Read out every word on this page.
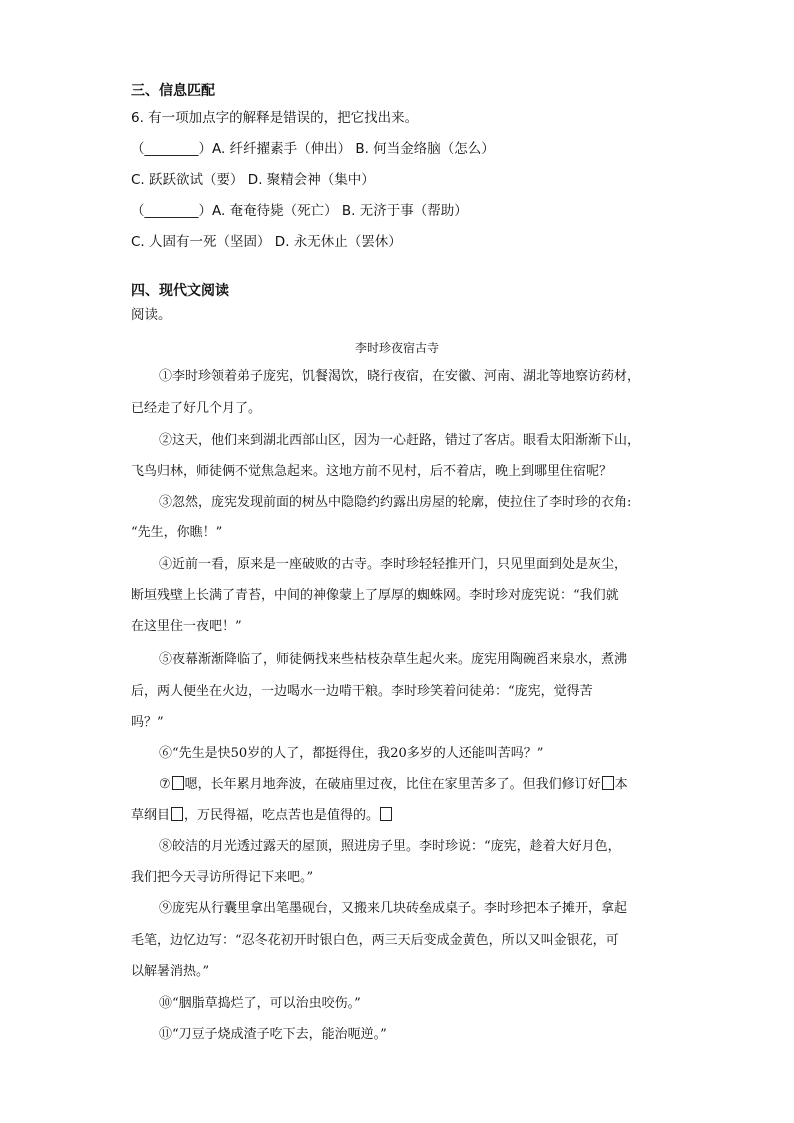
三、信息匹配
6. 有一项加点字的解释是错误的，把它找出来。
（________）A. 纤纤擢素手（伸出） B. 何当金络脑（怎么）
C. 跃跃欲试（要） D. 聚精会神（集中）
（________）A. 奄奄待毙（死亡） B. 无济于事（帮助）
C. 人固有一死（坚固） D. 永无休止（罢休）
四、现代文阅读
阅读。
李时珍夜宿古寺
①李时珍领着弟子庞宪，饥餐渴饮，晓行夜宿，在安徽、河南、湖北等地察访药材，
已经走了好几个月了。
②这天，他们来到湖北西部山区，因为一心赶路，错过了客店。眼看太阳渐渐下山，
飞鸟归林，师徒俩不觉焦急起来。这地方前不见村，后不着店，晚上到哪里住宿呢？
③忽然，庞宪发现前面的树丛中隐隐约约露出房屋的轮廓，使拉住了李时珍的衣角:
“先生，你瞧！”
④近前一看，原来是一座破败的古寺。李时珍轻轻推开门，只见里面到处是灰尘，
断垣残壁上长满了青苔，中间的神像蒙上了厚厚的蜘蛛网。李时珍对庞宪说：“我们就
在这里住一夜吧！”
⑤夜幕渐渐降临了，师徒俩找来些枯枝杂草生起火来。庞宪用陶碗舀来泉水，煮沸
后，两人便坐在火边，一边喝水一边啃干粮。李时珍笑着问徒弟：“庞宪，觉得苦
吗？”
⑥“先生是快50岁的人了，都挺得住，我20多岁的人还能叫苦吗？”
⑦ 嗯，长年累月地奔波，在破庙里过夜，比住在家里苦多了。但我们修订好 本
草纲目 ，万民得福，吃点苦也是值得的。
⑧皎洁的月光透过露天的屋顶，照进房子里。李时珍说：“庞宪，趁着大好月色，
我们把今天寻访所得记下来吧。”
⑨庞宪从行囊里拿出笔墨砚台，又搬来几块砖垒成桌子。李时珍把本子摊开，拿起
毛笔，边忆边写：“忍冬花初开时银白色，两三天后变成金黄色，所以又叫金银花，可
以解暑消热。”
⑩“胭脂草捣烂了，可以治虫咬伤。”
⑪“刀豆子烧成渣子吃下去，能治呃逆。”
